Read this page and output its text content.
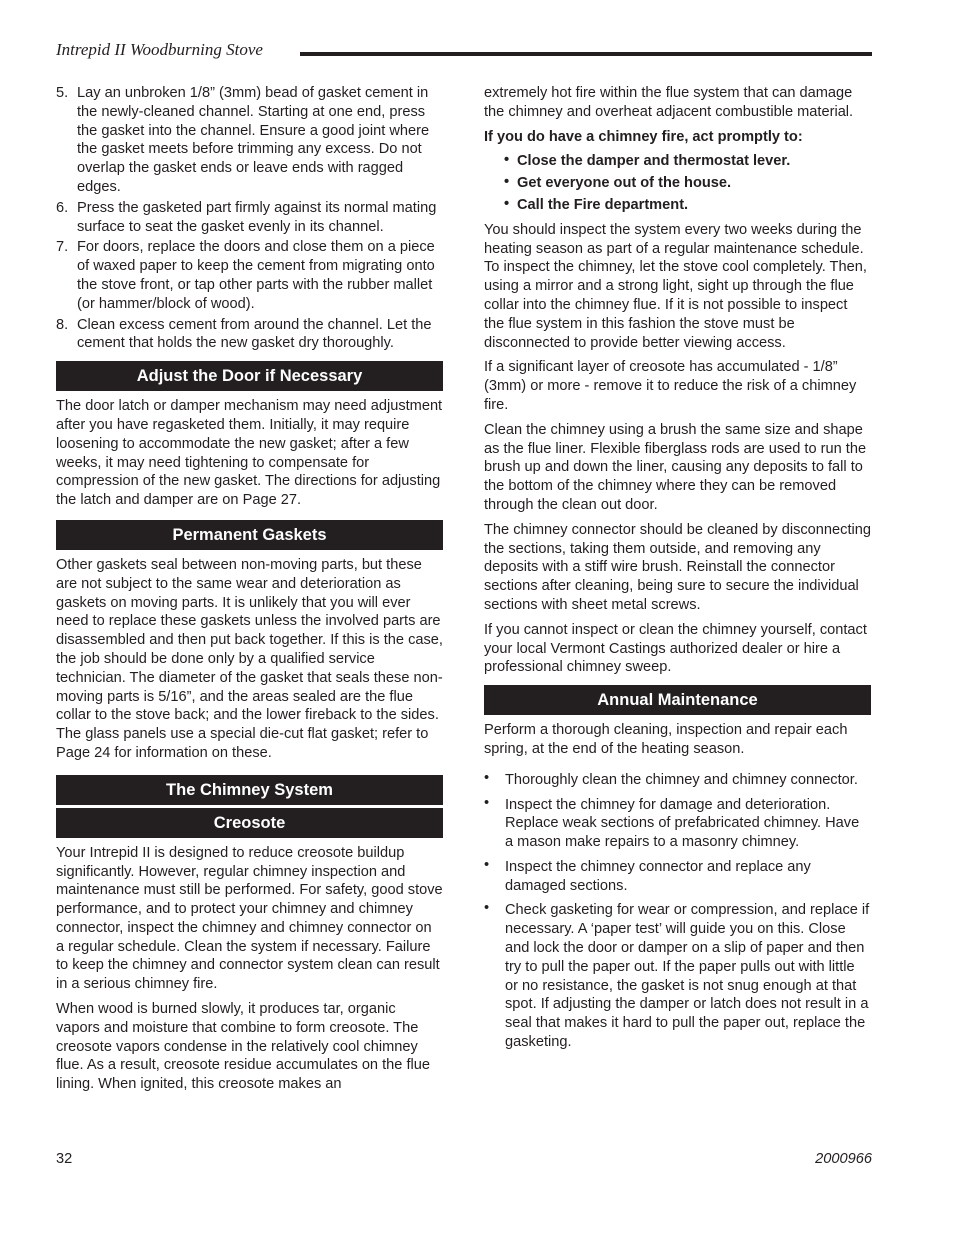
Intrepid II Woodburning Stove
5. Lay an unbroken 1/8” (3mm) bead of gasket cement in the newly-cleaned channel. Starting at one end, press the gasket into the channel. Ensure a good joint where the gasket meets before trimming any excess. Do not overlap the gasket ends or leave ends with ragged edges.
6. Press the gasketed part firmly against its normal mating surface to seat the gasket evenly in its channel.
7. For doors, replace the doors and close them on a piece of waxed paper to keep the cement from migrating onto the stove front, or tap other parts with the rubber mallet (or hammer/block of wood).
8. Clean excess cement from around the channel. Let the cement that holds the new gasket dry thoroughly.
Adjust the Door if Necessary

The door latch or damper mechanism may need adjustment after you have regasketed them. Initially, it may require loosening to accommodate the new gasket; after a few weeks, it may need tightening to compensate for compression of the new gasket. The directions for adjusting the latch and damper are on Page 27.

Permanent Gaskets

Other gaskets seal between non-moving parts, but these are not subject to the same wear and deterioration as gaskets on moving parts. It is unlikely that you will ever need to replace these gaskets unless the involved parts are disassembled and then put back together. If this is the case, the job should be done only by a qualified service technician. The diameter of the gasket that seals these non-moving parts is 5/16”, and the areas sealed are the flue collar to the stove back; and the lower fireback to the sides. The glass panels use a special die-cut flat gasket; refer to Page 24 for information on these.

The Chimney System
Creosote

Your Intrepid II is designed to reduce creosote buildup significantly. However, regular chimney inspection and maintenance must still be performed. For safety, good stove performance, and to protect your chimney and chimney connector, inspect the chimney and chimney connector on a regular schedule. Clean the system if necessary. Failure to keep the chimney and connector system clean can result in a serious chimney fire.

When wood is burned slowly, it produces tar, organic vapors and moisture that combine to form creosote. The creosote vapors condense in the relatively cool chimney flue. As a result, creosote residue accumulates on the flue lining. When ignited, this creosote makes an

extremely hot fire within the flue system that can damage the chimney and overheat adjacent combustible material.

If you do have a chimney fire, act promptly to:

• Close the damper and thermostat lever.
• Get everyone out of the house.
• Call the Fire department.

You should inspect the system every two weeks during the heating season as part of a regular maintenance schedule. To inspect the chimney, let the stove cool completely. Then, using a mirror and a strong light, sight up through the flue collar into the chimney flue. If it is not possible to inspect the flue system in this fashion the stove must be disconnected to provide better viewing access.

If a significant layer of creosote has accumulated - 1/8” (3mm) or more - remove it to reduce the risk of a chimney fire.

Clean the chimney using a brush the same size and shape as the flue liner. Flexible fiberglass rods are used to run the brush up and down the liner, causing any deposits to fall to the bottom of the chimney where they can be removed through the clean out door.

The chimney connector should be cleaned by disconnecting the sections, taking them outside, and removing any deposits with a stiff wire brush. Reinstall the connector sections after cleaning, being sure to secure the individual sections with sheet metal screws.

If you cannot inspect or clean the chimney yourself, contact your local Vermont Castings authorized dealer or hire a professional chimney sweep.

Annual Maintenance

Perform a thorough cleaning, inspection and repair each spring, at the end of the heating season.

• Thoroughly clean the chimney and chimney connector.
• Inspect the chimney for damage and deterioration. Replace weak sections of prefabricated chimney. Have a mason make repairs to a masonry chimney.
• Inspect the chimney connector and replace any damaged sections.
• Check gasketing for wear or compression, and replace if necessary. A ‘paper test’ will guide you on this. Close and lock the door or damper on a slip of paper and then try to pull the paper out. If the paper pulls out with little or no resistance, the gasket is not snug enough at that spot. If adjusting the damper or latch does not result in a seal that makes it hard to pull the paper out, replace the gasketing.
32	2000966
